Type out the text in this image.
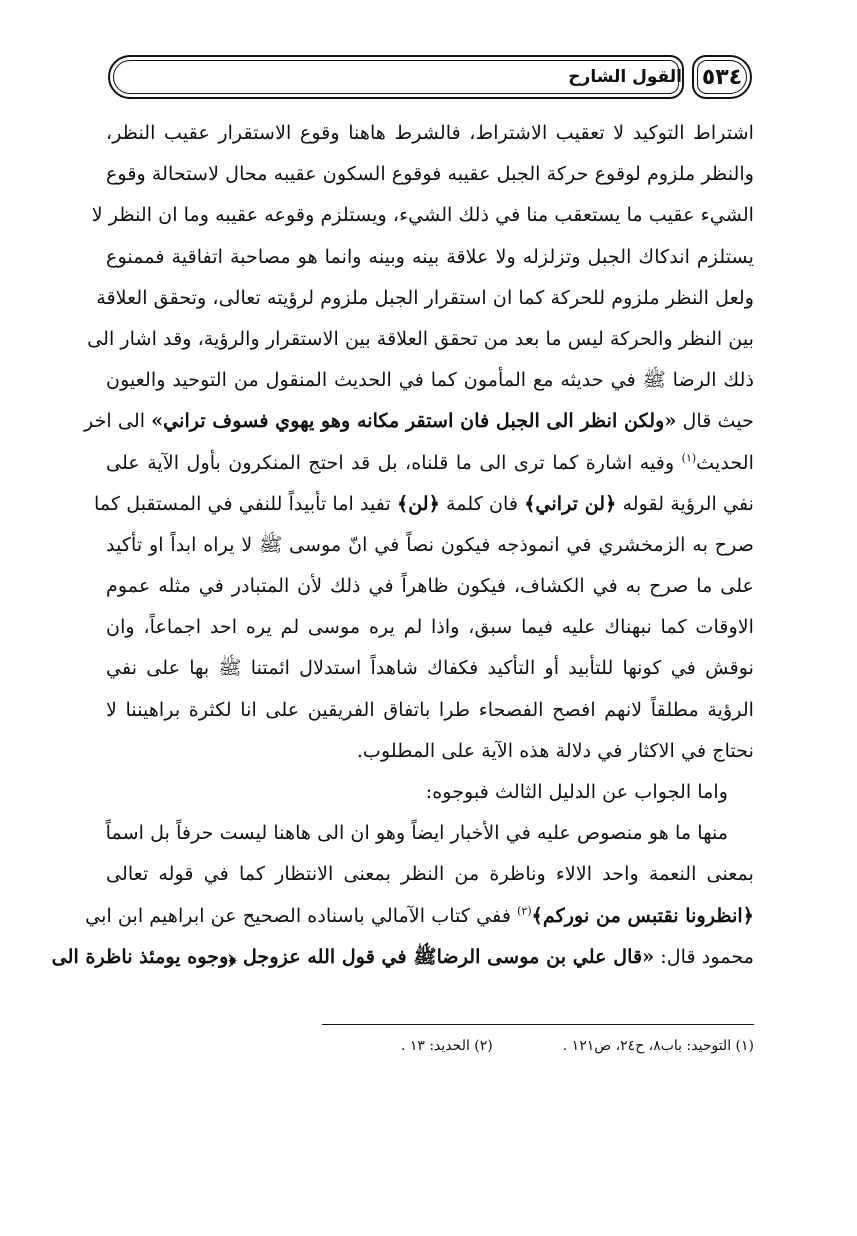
٥٣٤
القول الشارح
اشتراط التوكيد لا تعقيب الاشتراط، فالشرط هاهنا وقوع الاستقرار عقيب النظر،
والنظر ملزوم لوقوع حركة الجبل عقيبه فوقوع السكون عقيبه محال لاستحالة وقوع
الشيء عقيب ما يستعقب منا في ذلك الشيء، ويستلزم وقوعه عقيبه وما ان النظر لا
يستلزم اندكاك الجبل وتزلزله ولا علاقة بينه وبينه وانما هو مصاحبة اتفاقية فممنوع
ولعل النظر ملزوم للحركة كما ان استقرار الجبل ملزوم لرؤيته تعالى، وتحقق العلاقة
بين النظر والحركة ليس ما بعد من تحقق العلاقة بين الاستقرار والرؤية، وقد اشار الى
ذلك الرضا ﷺ في حديثه مع المأمون كما في الحديث المنقول من التوحيد والعيون
حيث قال «ولكن انظر الى الجبل فان استقر مكانه وهو يهوي فسوف تراني» الى اخر
الحديث$^{(١)}$ وفيه اشارة كما ترى الى ما قلناه، بل قد احتج المنكرون بأول الآية على
نفي الرؤية لقوله ﴿لن تراني﴾ فان كلمة ﴿لن﴾ تفيد اما تأبيداً للنفي في المستقبل كما
صرح به الزمخشري في انموذجه فيكون نصاً في انّ موسى ﷺ لا يراه ابداً او تأكيد
على ما صرح به في الكشاف، فيكون ظاهراً في ذلك لأن المتبادر في مثله عموم
الاوقات كما نبهناك عليه فيما سبق، واذا لم يره موسى لم يره احد اجماعاً، وان
نوقش في كونها للتأبيد أو التأكيد فكفاك شاهداً استدلال ائمتنا ﷺ بها على نفي
الرؤية مطلقاً لانهم افصح الفصحاء طرا باتفاق الفريقين على انا لكثرة براهيننا لا
نحتاج في الاكثار في دلالة هذه الآية على المطلوب.
واما الجواب عن الدليل الثالث فبوجوه:
منها ما هو منصوص عليه في الأخبار ايضاً وهو ان الى هاهنا ليست حرفاً بل اسماً
بمعنى النعمة واحد الالاء وناظرة من النظر بمعنى الانتظار كما في قوله تعالى
﴿انظرونا نقتبس من نوركم﴾$^{(٢)}$ ففي كتاب الآمالي باسناده الصحيح عن ابراهيم ابن ابي
محمود قال: «قال علي بن موسى الرضاﷺ في قول الله عزوجل ﴿وجوه يومئذ ناظرة الى
(١) التوحيد: باب٨، ح٢٤، ص١٢١ .
(٢) الحديد: ١٣ .
